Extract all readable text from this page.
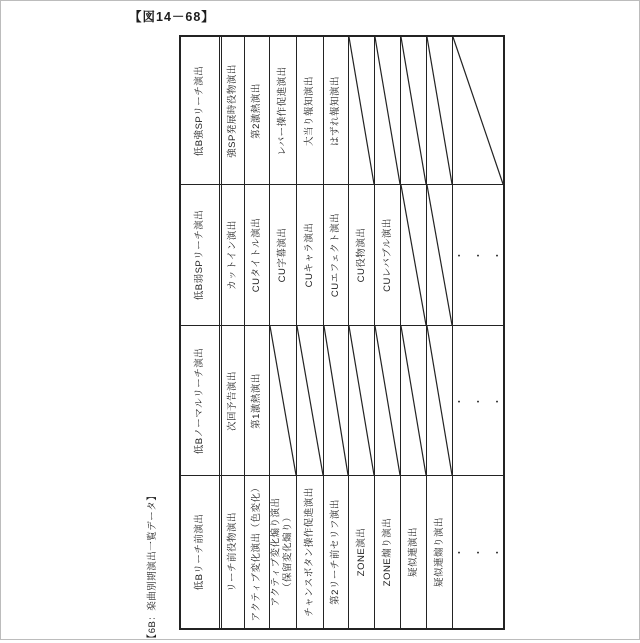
【図14－68】
低B強SPリーチ演出 強SP発展時役物演出 第2激熱演出 レバー操作促進演出 大当り報知演出 はずれ報知演出
低B弱SPリーチ演出 カットイン演出 CUタイトル演出 CU字幕演出 CUキャラ演出 CUエフェクト演出 CU役物演出 CUレバブル演出	・・・
低Bノーマルリーチ演出 次回予告演出 第1激熱演出	・・・
低Bリーチ前演出 リーチ前役物演出 アクティブ変化演出（色変化） アクティブ変化煽り演出 （保留変化煽り） チャンスボタン操作促進演出 第2リーチ前セリフ演出 ZONE演出 ZONE煽り演出 疑似連演出 疑似連煽り演出 ・・・
【6B：楽曲別期演出一覧データ】
